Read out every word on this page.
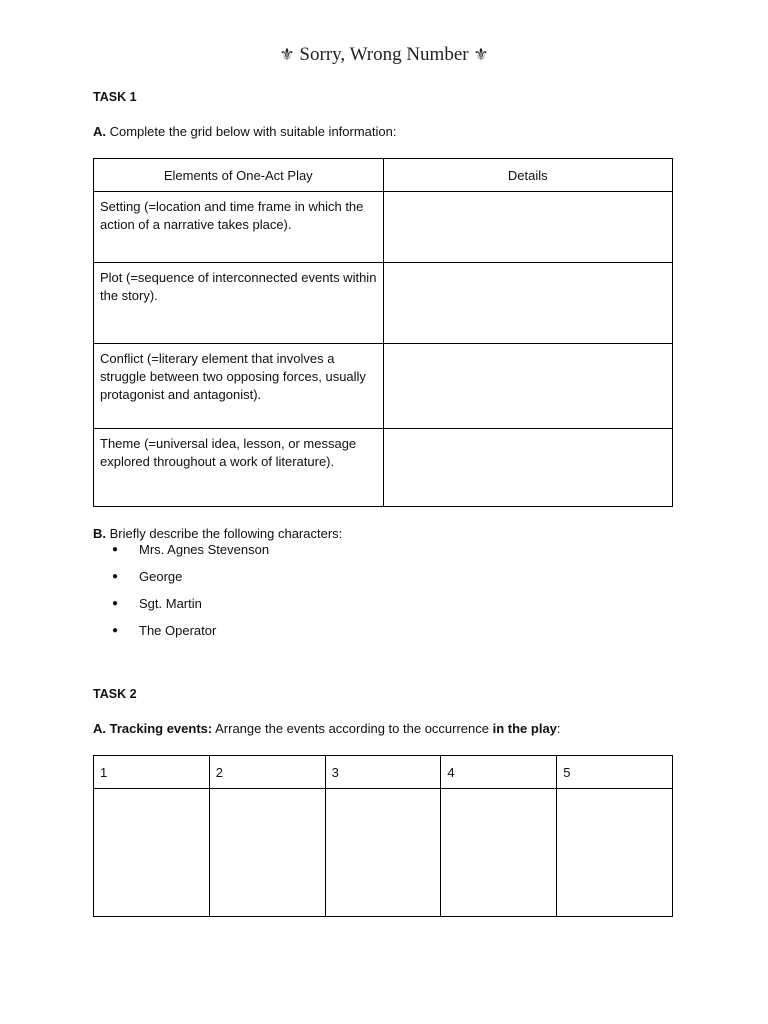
⚜ Sorry, Wrong Number ⚜
TASK 1
A. Complete the grid below with suitable information:
Elements of One-Act Play	Details
Setting (=location and time frame in which the action of a narrative takes place).	
Plot (=sequence of interconnected events within the story).	
Conflict (=literary element that involves a struggle between two opposing forces, usually protagonist and antagonist).	
Theme (=universal idea, lesson, or message explored throughout a work of literature).	
B. Briefly describe the following characters:
● Mrs. Agnes Stevenson
● George
● Sgt. Martin
● The Operator
TASK 2
A. Tracking events: Arrange the events according to the occurrence in the play:
1	2	3	4	5
